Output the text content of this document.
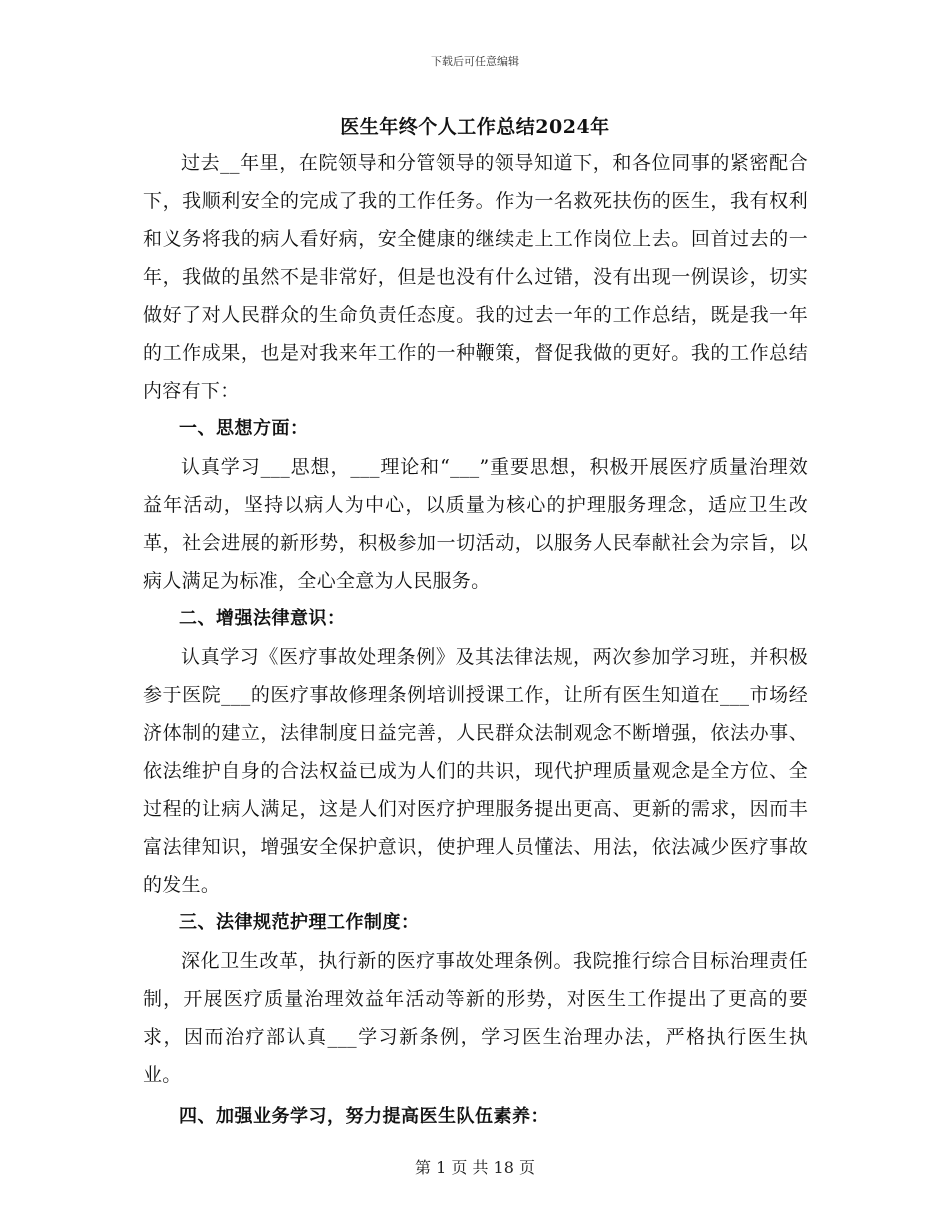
下载后可任意编辑
医生年终个人工作总结2024年

过去__年里，在院领导和分管领导的领导知道下，和各位同事的紧密配合下，我顺利安全的完成了我的工作任务。作为一名救死扶伤的医生，我有权利和义务将我的病人看好病，安全健康的继续走上工作岗位上去。回首过去的一年，我做的虽然不是非常好，但是也没有什么过错，没有出现一例误诊，切实做好了对人民群众的生命负责任态度。我的过去一年的工作总结，既是我一年的工作成果，也是对我来年工作的一种鞭策，督促我做的更好。我的工作总结内容有下：

一、思想方面：

认真学习___思想，___理论和“___”重要思想，积极开展医疗质量治理效益年活动，坚持以病人为中心，以质量为核心的护理服务理念，适应卫生改革，社会进展的新形势，积极参加一切活动，以服务人民奉献社会为宗旨，以病人满足为标准，全心全意为人民服务。

二、增强法律意识：

认真学习《医疗事故处理条例》及其法律法规，两次参加学习班，并积极参于医院___的医疗事故修理条例培训授课工作，让所有医生知道在___市场经济体制的建立，法律制度日益完善，人民群众法制观念不断增强，依法办事、依法维护自身的合法权益已成为人们的共识，现代护理质量观念是全方位、全过程的让病人满足，这是人们对医疗护理服务提出更高、更新的需求，因而丰富法律知识，增强安全保护意识，使护理人员懂法、用法，依法减少医疗事故的发生。

三、法律规范护理工作制度：

深化卫生改革，执行新的医疗事故处理条例。我院推行综合目标治理责任制，开展医疗质量治理效益年活动等新的形势，对医生工作提出了更高的要求，因而治疗部认真___学习新条例，学习医生治理办法，严格执行医生执业。

四、加强业务学习，努力提高医生队伍素养：

第 1 页 共 18 页
